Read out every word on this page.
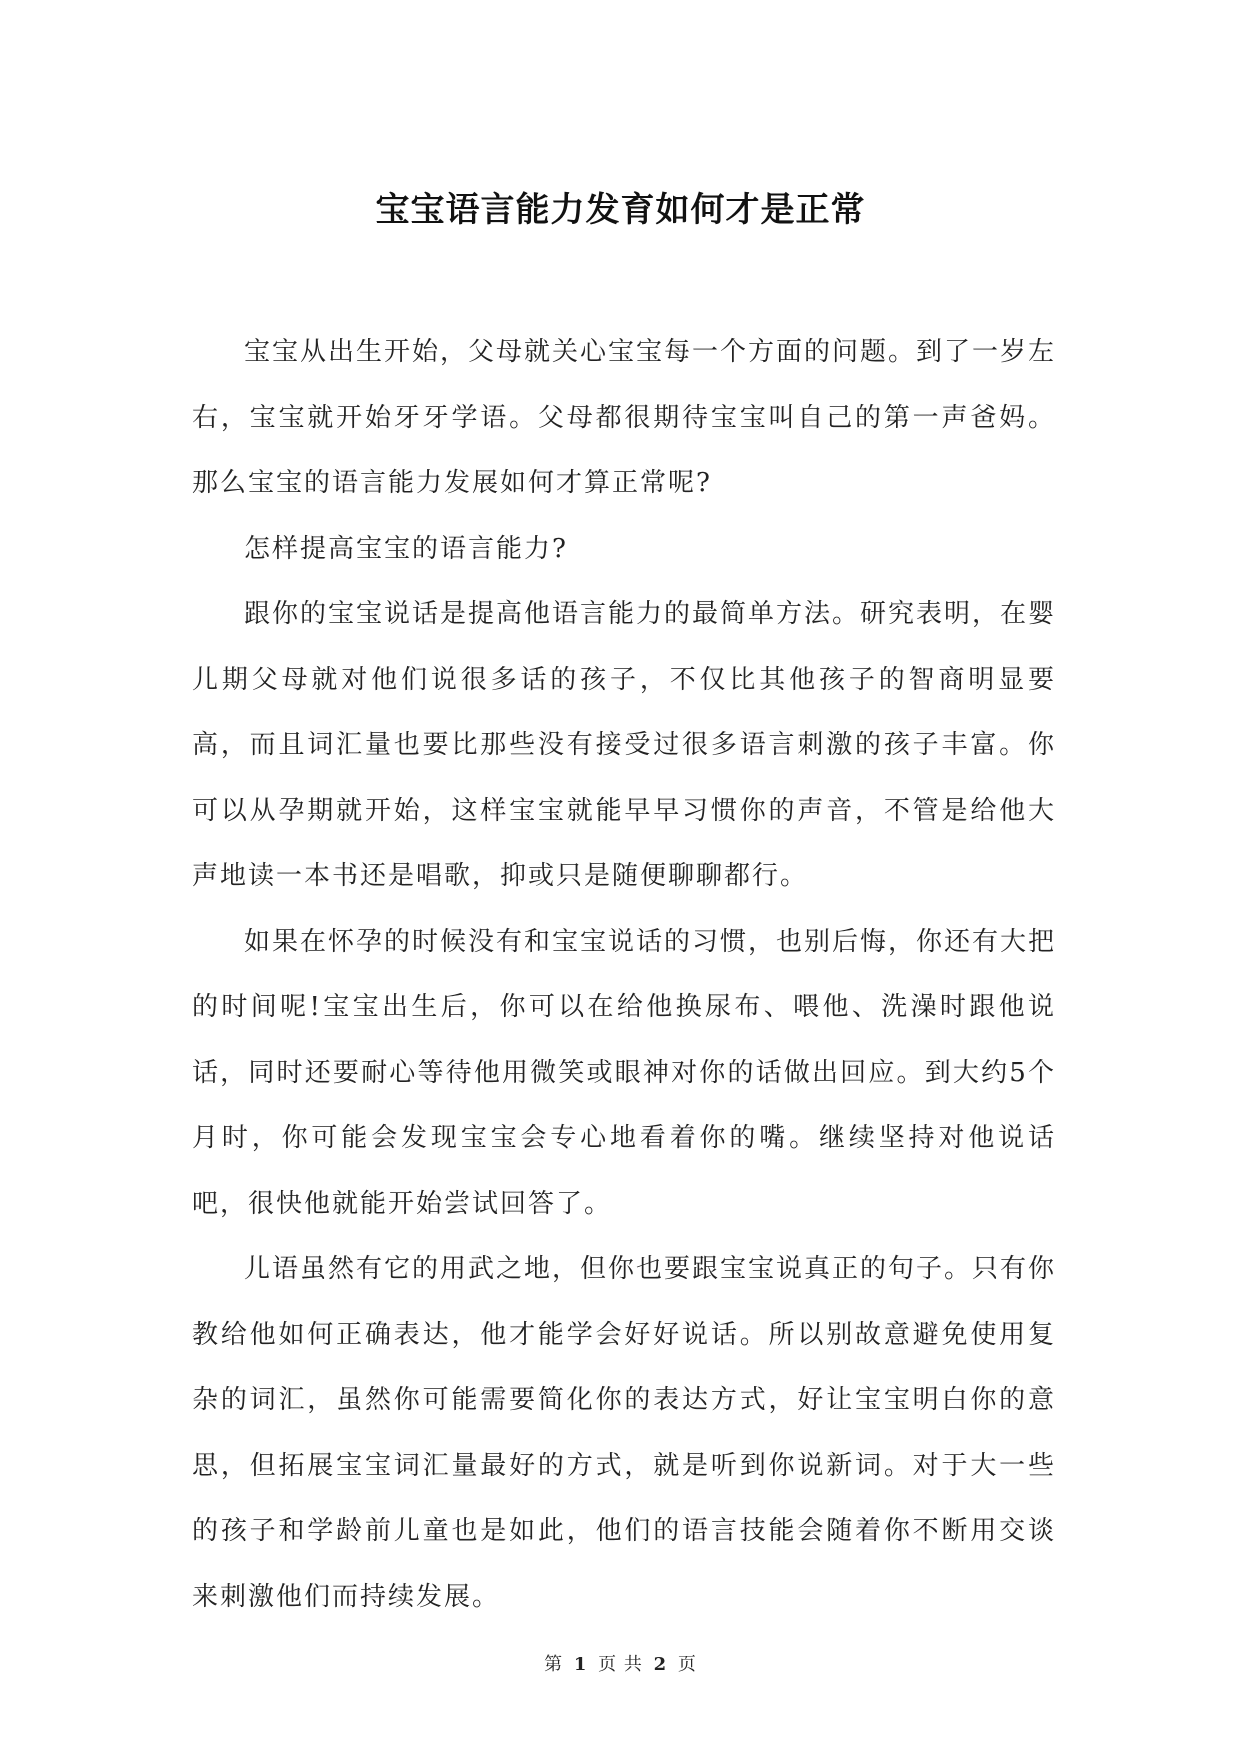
宝宝语言能力发育如何才是正常

宝宝从出生开始，父母就关心宝宝每一个方面的问题。到了一岁左右，宝宝就开始牙牙学语。父母都很期待宝宝叫自己的第一声爸妈。那么宝宝的语言能力发展如何才算正常呢?

怎样提高宝宝的语言能力?

跟你的宝宝说话是提高他语言能力的最简单方法。研究表明，在婴儿期父母就对他们说很多话的孩子，不仅比其他孩子的智商明显要高，而且词汇量也要比那些没有接受过很多语言刺激的孩子丰富。你可以从孕期就开始，这样宝宝就能早早习惯你的声音，不管是给他大声地读一本书还是唱歌，抑或只是随便聊聊都行。

如果在怀孕的时候没有和宝宝说话的习惯，也别后悔，你还有大把的时间呢!宝宝出生后，你可以在给他换尿布、喂他、洗澡时跟他说话，同时还要耐心等待他用微笑或眼神对你的话做出回应。到大约5个月时，你可能会发现宝宝会专心地看着你的嘴。继续坚持对他说话吧，很快他就能开始尝试回答了。

儿语虽然有它的用武之地，但你也要跟宝宝说真正的句子。只有你教给他如何正确表达，他才能学会好好说话。所以别故意避免使用复杂的词汇，虽然你可能需要简化你的表达方式，好让宝宝明白你的意思，但拓展宝宝词汇量最好的方式，就是听到你说新词。对于大一些的孩子和学龄前儿童也是如此，他们的语言技能会随着你不断用交谈来刺激他们而持续发展。

第 1 页 共 2 页
